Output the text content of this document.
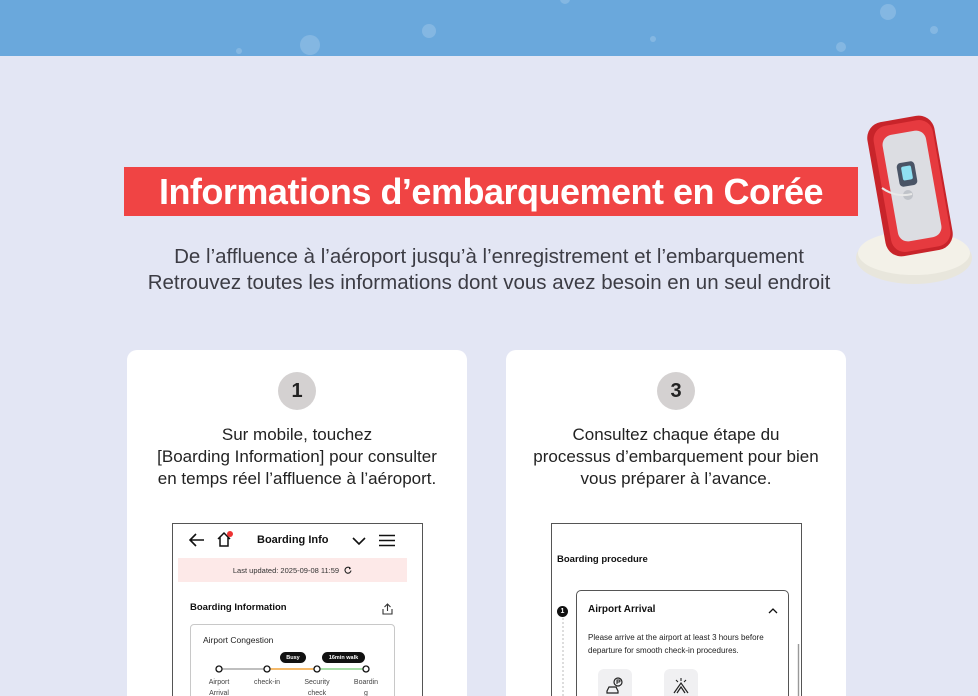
Informations d’embarquement en Corée

De l’affluence à l’aéroport jusqu’à l’enregistrement et l’embarquement

Retrouvez toutes les informations dont vous avez besoin en un seul endroit

1
Sur mobile, touchez
[Boarding Information] pour consulter
en temps réel l’affluence à l’aéroport.
Boarding Info
Last updated: 2025-09-08 11:59
Boarding Information
Airport Congestion
Busy	16min walk
Airport
Arrival
check-in	Security
check
Boardin
g
3
Consultez chaque étape du
processus d’embarquement pour bien
vous préparer à l’avance.
Boarding procedure
1	Airport Arrival
Please arrive at the airport at least 3 hours before departure for smooth check-in procedures.
